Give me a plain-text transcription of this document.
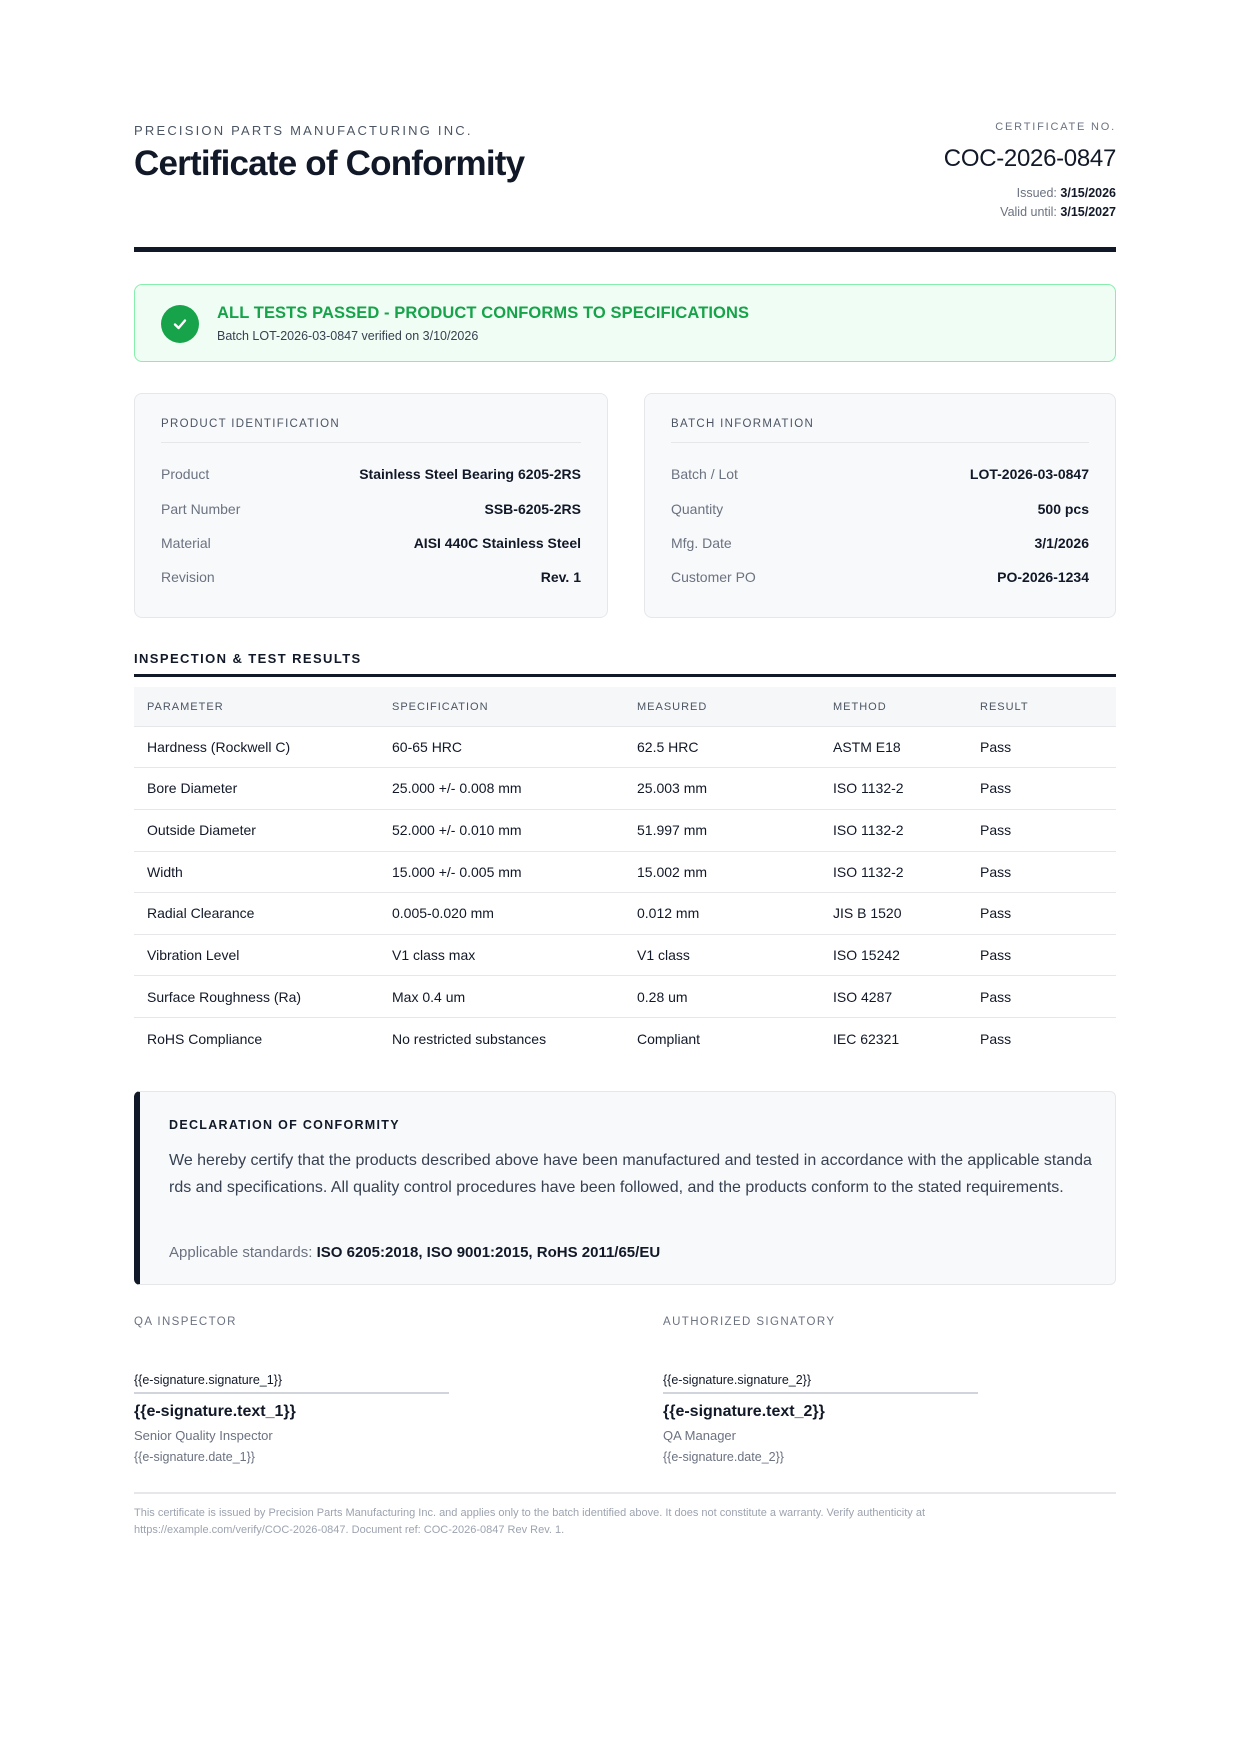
PRECISION PARTS MANUFACTURING INC.
Certificate of Conformity
CERTIFICATE NO.
COC-2026-0847
Issued: 3/15/2026
Valid until: 3/15/2027
ALL TESTS PASSED - PRODUCT CONFORMS TO SPECIFICATIONS
Batch LOT-2026-03-0847 verified on 3/10/2026
PRODUCT IDENTIFICATION
Product	Stainless Steel Bearing 6205-2RS
Part Number	SSB-6205-2RS
Material	AISI 440C Stainless Steel
Revision	Rev. 1
BATCH INFORMATION
Batch / Lot	LOT-2026-03-0847
Quantity	500 pcs
Mfg. Date	3/1/2026
Customer PO	PO-2026-1234
INSPECTION & TEST RESULTS
PARAMETER	SPECIFICATION	MEASURED	METHOD	RESULT
Hardness (Rockwell C)	60-65 HRC	62.5 HRC	ASTM E18	Pass
Bore Diameter	25.000 +/- 0.008 mm	25.003 mm	ISO 1132-2	Pass
Outside Diameter	52.000 +/- 0.010 mm	51.997 mm	ISO 1132-2	Pass
Width	15.000 +/- 0.005 mm	15.002 mm	ISO 1132-2	Pass
Radial Clearance	0.005-0.020 mm	0.012 mm	JIS B 1520	Pass
Vibration Level	V1 class max	V1 class	ISO 15242	Pass
Surface Roughness (Ra)	Max 0.4 um	0.28 um	ISO 4287	Pass
RoHS Compliance	No restricted substances	Compliant	IEC 62321	Pass
DECLARATION OF CONFORMITY
We hereby certify that the products described above have been manufactured and tested in accordance with the applicable standards and specifications. All quality control procedures have been followed, and the products conform to the stated requirements.
Applicable standards: ISO 6205:2018, ISO 9001:2015, RoHS 2011/65/EU
QA INSPECTOR
{{e-signature.signature_1}}
{{e-signature.text_1}}
Senior Quality Inspector
{{e-signature.date_1}}
AUTHORIZED SIGNATORY
{{e-signature.signature_2}}
{{e-signature.text_2}}
QA Manager
{{e-signature.date_2}}
This certificate is issued by Precision Parts Manufacturing Inc. and applies only to the batch identified above. It does not constitute a warranty. Verify authenticity at https://example.com/verify/COC-2026-0847. Document ref: COC-2026-0847 Rev Rev. 1.
